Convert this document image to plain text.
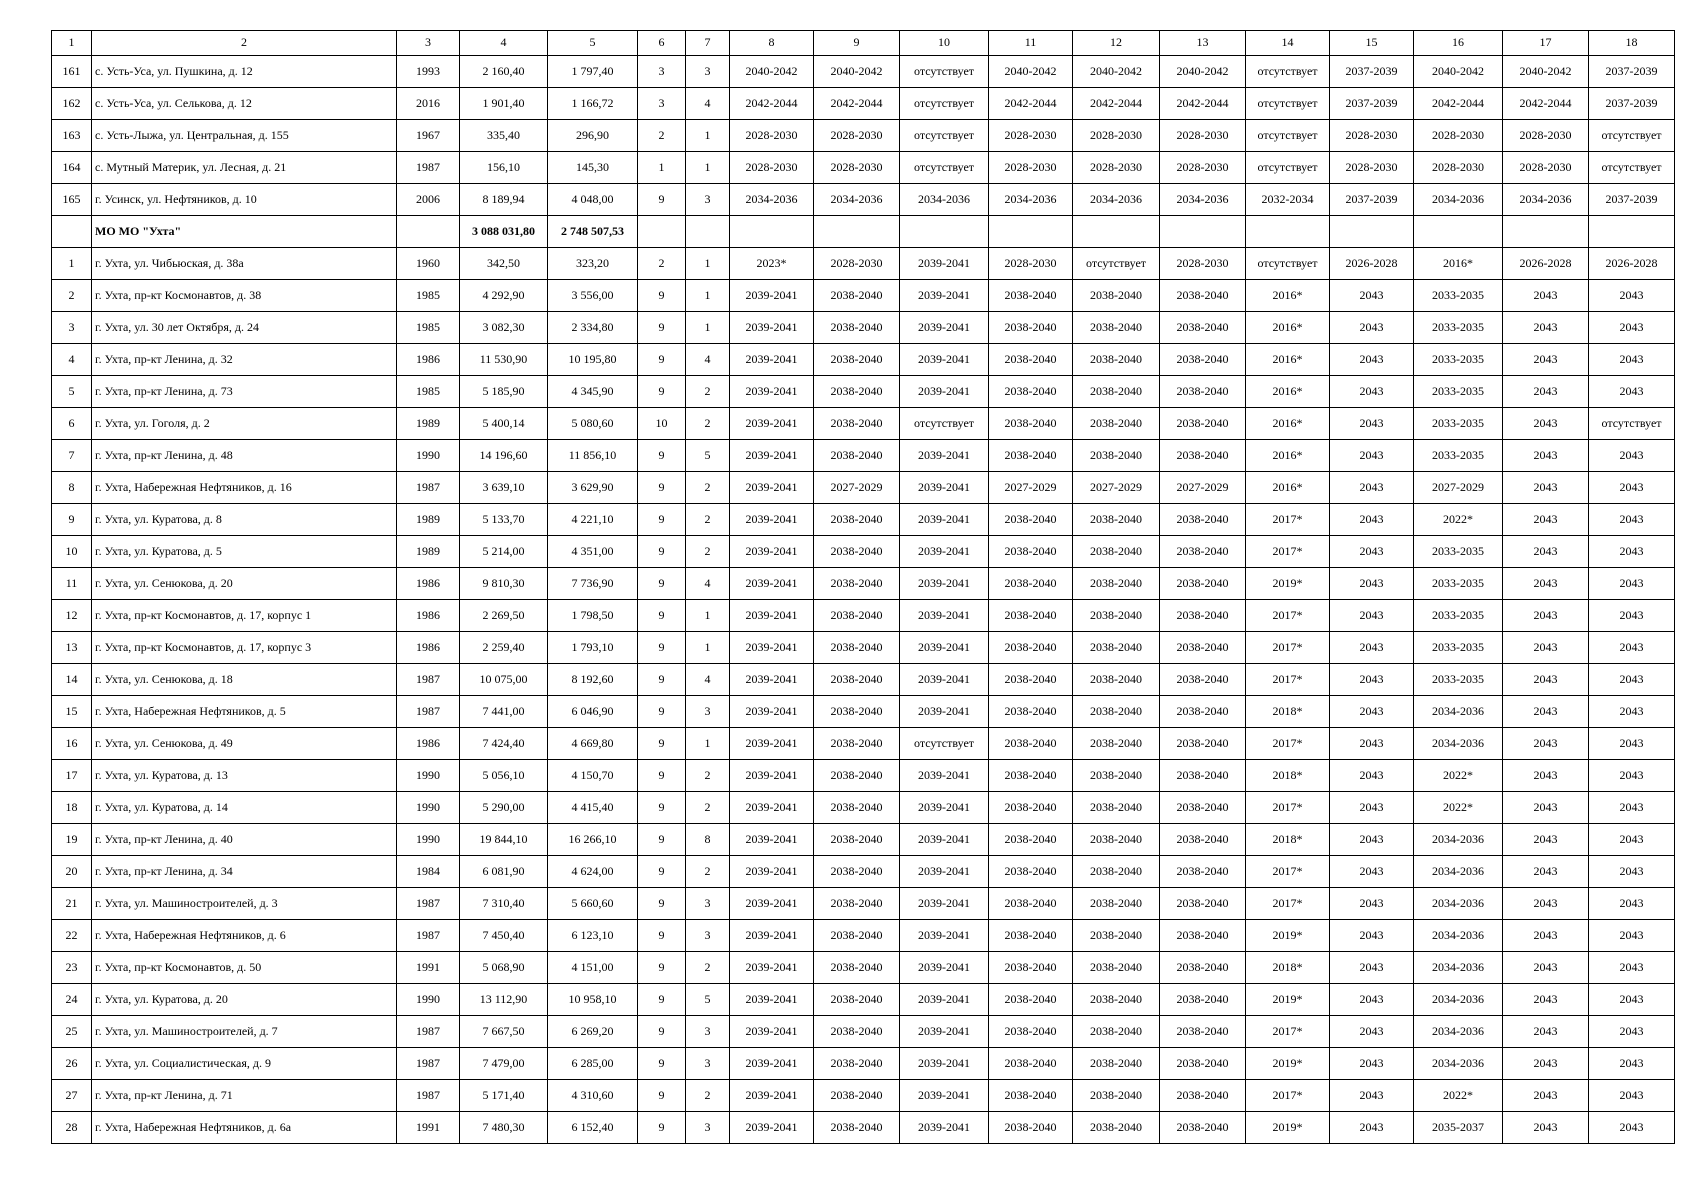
1	2	3	4	5	6	7	8	9	10	11	12	13	14	15	16	17	18
161	с. Усть-Уса, ул. Пушкина, д. 12	1993	2 160,40	1 797,40	3	3	2040-2042	2040-2042	отсутствует	2040-2042	2040-2042	2040-2042	отсутствует	2037-2039	2040-2042	2040-2042	2037-2039
162	с. Усть-Уса, ул. Селькова, д. 12	2016	1 901,40	1 166,72	3	4	2042-2044	2042-2044	отсутствует	2042-2044	2042-2044	2042-2044	отсутствует	2037-2039	2042-2044	2042-2044	2037-2039
163	с. Усть-Лыжа, ул. Центральная, д. 155	1967	335,40	296,90	2	1	2028-2030	2028-2030	отсутствует	2028-2030	2028-2030	2028-2030	отсутствует	2028-2030	2028-2030	2028-2030	отсутствует
164	с. Мутный Материк, ул. Лесная, д. 21	1987	156,10	145,30	1	1	2028-2030	2028-2030	отсутствует	2028-2030	2028-2030	2028-2030	отсутствует	2028-2030	2028-2030	2028-2030	отсутствует
165	г. Усинск, ул. Нефтяников, д. 10	2006	8 189,94	4 048,00	9	3	2034-2036	2034-2036	2034-2036	2034-2036	2034-2036	2034-2036	2032-2034	2037-2039	2034-2036	2034-2036	2037-2039
	МО МО "Ухта"		3 088 031,80	2 748 507,53													
1	г. Ухта, ул. Чибьюская, д. 38а	1960	342,50	323,20	2	1	2023*	2028-2030	2039-2041	2028-2030	отсутствует	2028-2030	отсутствует	2026-2028	2016*	2026-2028	2026-2028
2	г. Ухта, пр-кт Космонавтов, д. 38	1985	4 292,90	3 556,00	9	1	2039-2041	2038-2040	2039-2041	2038-2040	2038-2040	2038-2040	2016*	2043	2033-2035	2043	2043
3	г. Ухта, ул. 30 лет Октября, д. 24	1985	3 082,30	2 334,80	9	1	2039-2041	2038-2040	2039-2041	2038-2040	2038-2040	2038-2040	2016*	2043	2033-2035	2043	2043
4	г. Ухта, пр-кт Ленина, д. 32	1986	11 530,90	10 195,80	9	4	2039-2041	2038-2040	2039-2041	2038-2040	2038-2040	2038-2040	2016*	2043	2033-2035	2043	2043
5	г. Ухта, пр-кт Ленина, д. 73	1985	5 185,90	4 345,90	9	2	2039-2041	2038-2040	2039-2041	2038-2040	2038-2040	2038-2040	2016*	2043	2033-2035	2043	2043
6	г. Ухта, ул. Гоголя, д. 2	1989	5 400,14	5 080,60	10	2	2039-2041	2038-2040	отсутствует	2038-2040	2038-2040	2038-2040	2016*	2043	2033-2035	2043	отсутствует
7	г. Ухта, пр-кт Ленина, д. 48	1990	14 196,60	11 856,10	9	5	2039-2041	2038-2040	2039-2041	2038-2040	2038-2040	2038-2040	2016*	2043	2033-2035	2043	2043
8	г. Ухта, Набережная Нефтяников, д. 16	1987	3 639,10	3 629,90	9	2	2039-2041	2027-2029	2039-2041	2027-2029	2027-2029	2027-2029	2016*	2043	2027-2029	2043	2043
9	г. Ухта, ул. Куратова, д. 8	1989	5 133,70	4 221,10	9	2	2039-2041	2038-2040	2039-2041	2038-2040	2038-2040	2038-2040	2017*	2043	2022*	2043	2043
10	г. Ухта, ул. Куратова, д. 5	1989	5 214,00	4 351,00	9	2	2039-2041	2038-2040	2039-2041	2038-2040	2038-2040	2038-2040	2017*	2043	2033-2035	2043	2043
11	г. Ухта, ул. Сенюкова, д. 20	1986	9 810,30	7 736,90	9	4	2039-2041	2038-2040	2039-2041	2038-2040	2038-2040	2038-2040	2019*	2043	2033-2035	2043	2043
12	г. Ухта, пр-кт Космонавтов, д. 17, корпус 1	1986	2 269,50	1 798,50	9	1	2039-2041	2038-2040	2039-2041	2038-2040	2038-2040	2038-2040	2017*	2043	2033-2035	2043	2043
13	г. Ухта, пр-кт Космонавтов, д. 17, корпус 3	1986	2 259,40	1 793,10	9	1	2039-2041	2038-2040	2039-2041	2038-2040	2038-2040	2038-2040	2017*	2043	2033-2035	2043	2043
14	г. Ухта, ул. Сенюкова, д. 18	1987	10 075,00	8 192,60	9	4	2039-2041	2038-2040	2039-2041	2038-2040	2038-2040	2038-2040	2017*	2043	2033-2035	2043	2043
15	г. Ухта, Набережная Нефтяников, д. 5	1987	7 441,00	6 046,90	9	3	2039-2041	2038-2040	2039-2041	2038-2040	2038-2040	2038-2040	2018*	2043	2034-2036	2043	2043
16	г. Ухта, ул. Сенюкова, д. 49	1986	7 424,40	4 669,80	9	1	2039-2041	2038-2040	отсутствует	2038-2040	2038-2040	2038-2040	2017*	2043	2034-2036	2043	2043
17	г. Ухта, ул. Куратова, д. 13	1990	5 056,10	4 150,70	9	2	2039-2041	2038-2040	2039-2041	2038-2040	2038-2040	2038-2040	2018*	2043	2022*	2043	2043
18	г. Ухта, ул. Куратова, д. 14	1990	5 290,00	4 415,40	9	2	2039-2041	2038-2040	2039-2041	2038-2040	2038-2040	2038-2040	2017*	2043	2022*	2043	2043
19	г. Ухта, пр-кт Ленина, д. 40	1990	19 844,10	16 266,10	9	8	2039-2041	2038-2040	2039-2041	2038-2040	2038-2040	2038-2040	2018*	2043	2034-2036	2043	2043
20	г. Ухта, пр-кт Ленина, д. 34	1984	6 081,90	4 624,00	9	2	2039-2041	2038-2040	2039-2041	2038-2040	2038-2040	2038-2040	2017*	2043	2034-2036	2043	2043
21	г. Ухта, ул. Машиностроителей, д. 3	1987	7 310,40	5 660,60	9	3	2039-2041	2038-2040	2039-2041	2038-2040	2038-2040	2038-2040	2017*	2043	2034-2036	2043	2043
22	г. Ухта, Набережная Нефтяников, д. 6	1987	7 450,40	6 123,10	9	3	2039-2041	2038-2040	2039-2041	2038-2040	2038-2040	2038-2040	2019*	2043	2034-2036	2043	2043
23	г. Ухта, пр-кт Космонавтов, д. 50	1991	5 068,90	4 151,00	9	2	2039-2041	2038-2040	2039-2041	2038-2040	2038-2040	2038-2040	2018*	2043	2034-2036	2043	2043
24	г. Ухта, ул. Куратова, д. 20	1990	13 112,90	10 958,10	9	5	2039-2041	2038-2040	2039-2041	2038-2040	2038-2040	2038-2040	2019*	2043	2034-2036	2043	2043
25	г. Ухта, ул. Машиностроителей, д. 7	1987	7 667,50	6 269,20	9	3	2039-2041	2038-2040	2039-2041	2038-2040	2038-2040	2038-2040	2017*	2043	2034-2036	2043	2043
26	г. Ухта, ул. Социалистическая, д. 9	1987	7 479,00	6 285,00	9	3	2039-2041	2038-2040	2039-2041	2038-2040	2038-2040	2038-2040	2019*	2043	2034-2036	2043	2043
27	г. Ухта, пр-кт Ленина, д. 71	1987	5 171,40	4 310,60	9	2	2039-2041	2038-2040	2039-2041	2038-2040	2038-2040	2038-2040	2017*	2043	2022*	2043	2043
28	г. Ухта, Набережная Нефтяников, д. 6а	1991	7 480,30	6 152,40	9	3	2039-2041	2038-2040	2039-2041	2038-2040	2038-2040	2038-2040	2019*	2043	2035-2037	2043	2043
